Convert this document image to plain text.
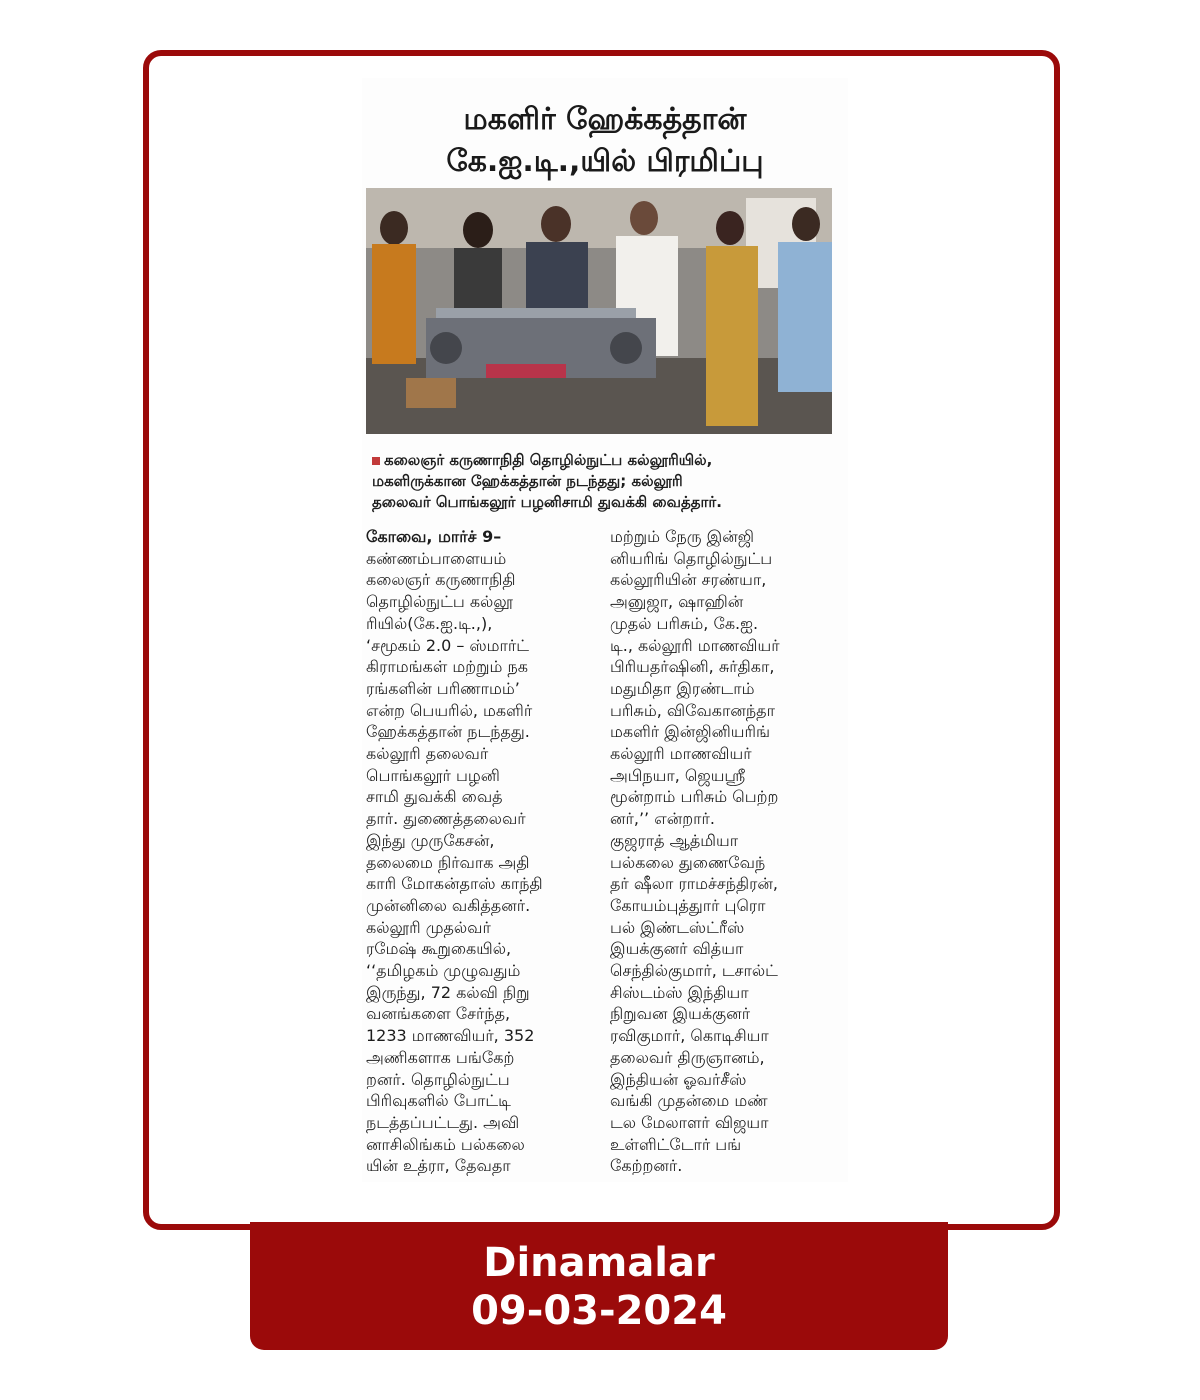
மகளிர் ஹேக்கத்தான்
கே.ஐ.டி.,யில் பிரமிப்பு
கலைஞர் கருணாநிதி தொழில்நுட்ப கல்லூரியில்,
மகளிருக்கான ஹேக்கத்தான் நடந்தது; கல்லூரி
தலைவர் பொங்கலூர் பழனிசாமி துவக்கி வைத்தார்.
கோவை, மார்ச் 9–
கண்ணம்பாளையம்
கலைஞர் கருணாநிதி
தொழில்நுட்ப கல்லூ
ரியில்(கே.ஐ.டி.,),
‘சமூகம் 2.0 – ஸ்மார்ட்
கிராமங்கள் மற்றும் நக
ரங்களின் பரிணாமம்’
என்ற பெயரில், மகளிர்
ஹேக்கத்தான் நடந்தது.
கல்லூரி தலைவர்
பொங்கலூர் பழனி
சாமி துவக்கி வைத்
தார். துணைத்தலைவர்
இந்து முருகேசன்,
தலைமை நிர்வாக அதி
காரி மோகன்தாஸ் காந்தி
முன்னிலை வகித்தனர்.
கல்லூரி முதல்வர்
ரமேஷ் கூறுகையில்,
‘‘தமிழகம் முழுவதும்
இருந்து, 72 கல்வி நிறு
வனங்களை சேர்ந்த,
1233 மாணவியர், 352
அணிகளாக பங்கேற்
றனர். தொழில்நுட்ப
பிரிவுகளில் போட்டி
நடத்தப்பட்டது. அவி
னாசிலிங்கம் பல்கலை
யின் உத்ரா, தேவதா
மற்றும் நேரு இன்ஜி
னியரிங் தொழில்நுட்ப
கல்லூரியின் சரண்யா,
அனுஜா, ஷாஹின்
முதல் பரிசும், கே.ஐ.
டி., கல்லூரி மாணவியர்
பிரியதர்ஷினி, சுர்திகா,
மதுமிதா இரண்டாம்
பரிசும், விவேகானந்தா
மகளிர் இன்ஜினியரிங்
கல்லூரி மாணவியர்
அபிநயா, ஜெயஸ்ரீ
மூன்றாம் பரிசும் பெற்ற
னர்,’’ என்றார்.
குஜராத் ஆத்மியா
பல்கலை துணைவேந்
தர் ஷீலா ராமச்சந்திரன்,
கோயம்புத்துார் புரொ
பல் இண்டஸ்ட்ரீஸ்
இயக்குனர் வித்யா
செந்தில்குமார், டசால்ட்
சிஸ்டம்ஸ் இந்தியா
நிறுவன இயக்குனர்
ரவிகுமார், கொடிசியா
தலைவர் திருஞானம்,
இந்தியன் ஓவர்சீஸ்
வங்கி முதன்மை மண்
டல மேலாளர் விஜயா
உள்ளிட்டோர் பங்
கேற்றனர்.
Dinamalar
09-03-2024
